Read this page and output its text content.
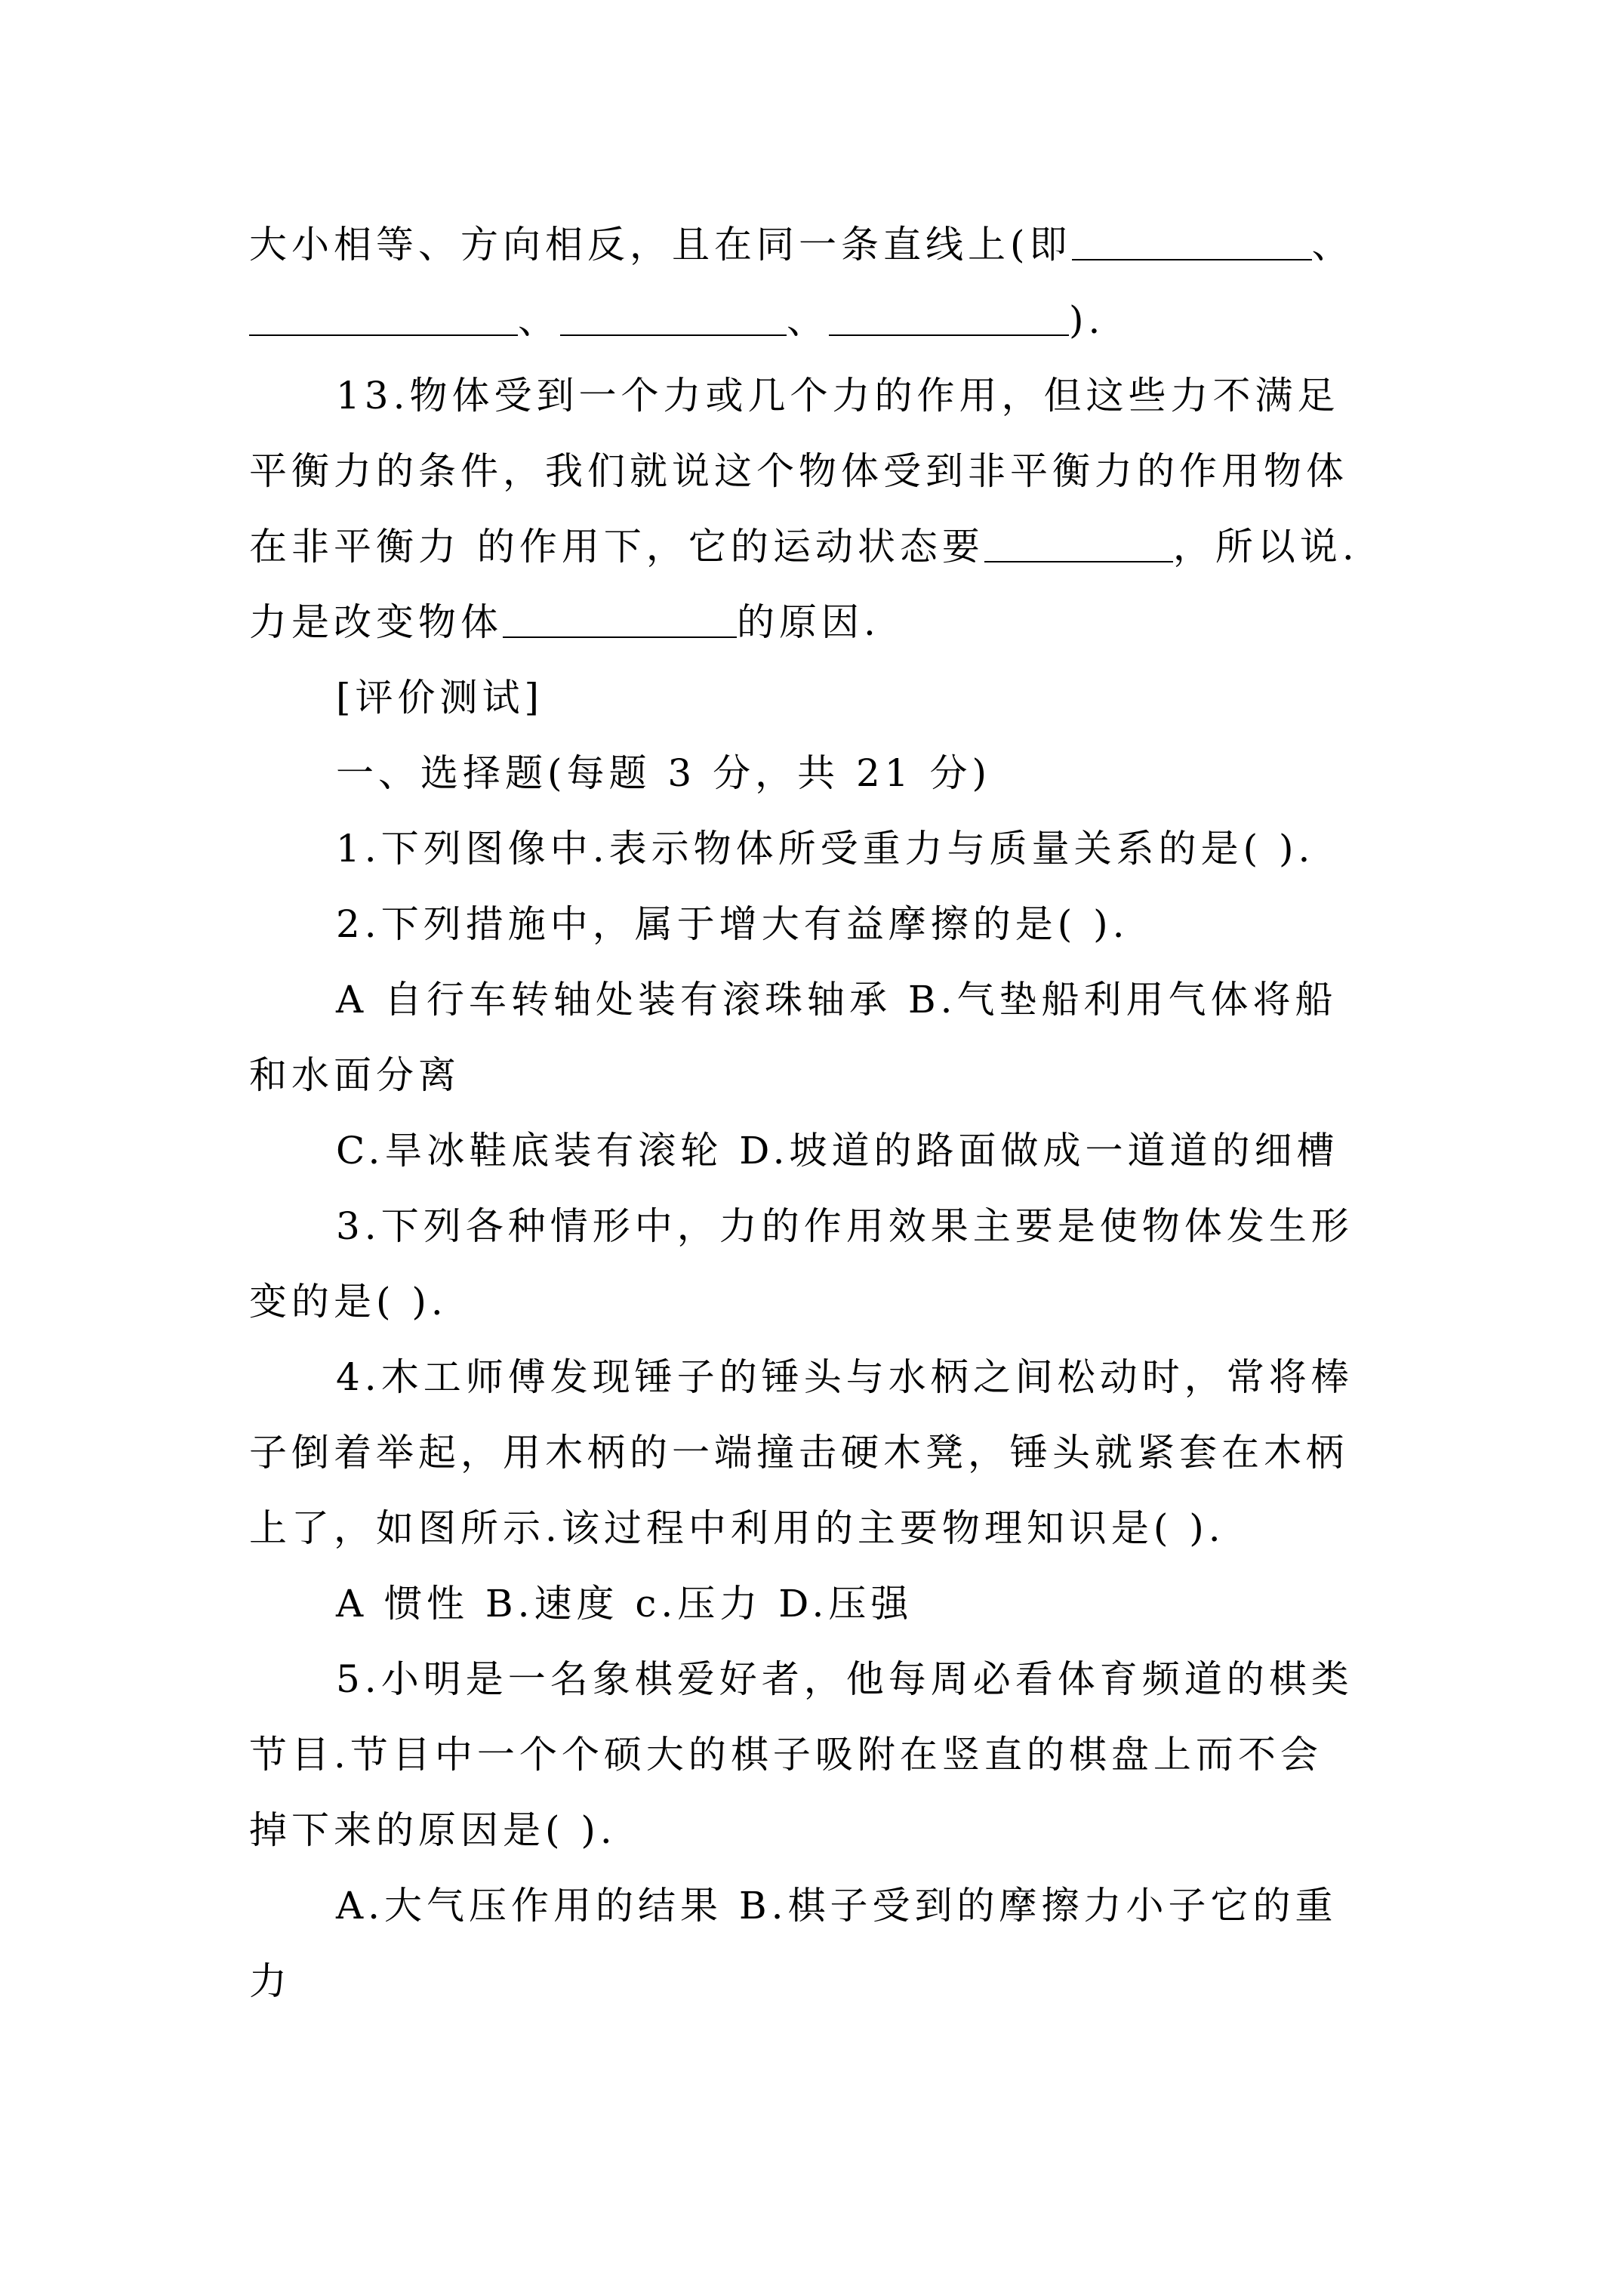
大小相等、方向相反，且在同一条直线上(即	、
、	、	).
13.物体受到一个力或几个力的作用，但这些力不满足
平衡力的条件，我们就说这个物体受到非平衡力的作用物体
在非平衡力 的作用下，它的运动状态要	，所以说.
力是改变物体	的原因.
[评价测试]
一、选择题(每题 3 分，共 21 分)
1.下列图像中.表示物体所受重力与质量关系的是( ).
2.下列措施中，属于增大有益摩擦的是( ).
A 自行车转轴处装有滚珠轴承 B.气垫船利用气体将船
和水面分离
C.旱冰鞋底装有滚轮 D.坡道的路面做成一道道的细槽
3.下列各种情形中，力的作用效果主要是使物体发生形
变的是( ).
4.木工师傅发现锤子的锤头与水柄之间松动时，常将棒
子倒着举起，用木柄的一端撞击硬木凳，锤头就紧套在木柄
上了，如图所示.该过程中利用的主要物理知识是( ).
A 惯性 B.速度 c.压力 D.压强
5.小明是一名象棋爱好者，他每周必看体育频道的棋类
节目.节目中一个个硕大的棋子吸附在竖直的棋盘上而不会
掉下来的原因是( ).
A.大气压作用的结果 B.棋子受到的摩擦力小子它的重
力
